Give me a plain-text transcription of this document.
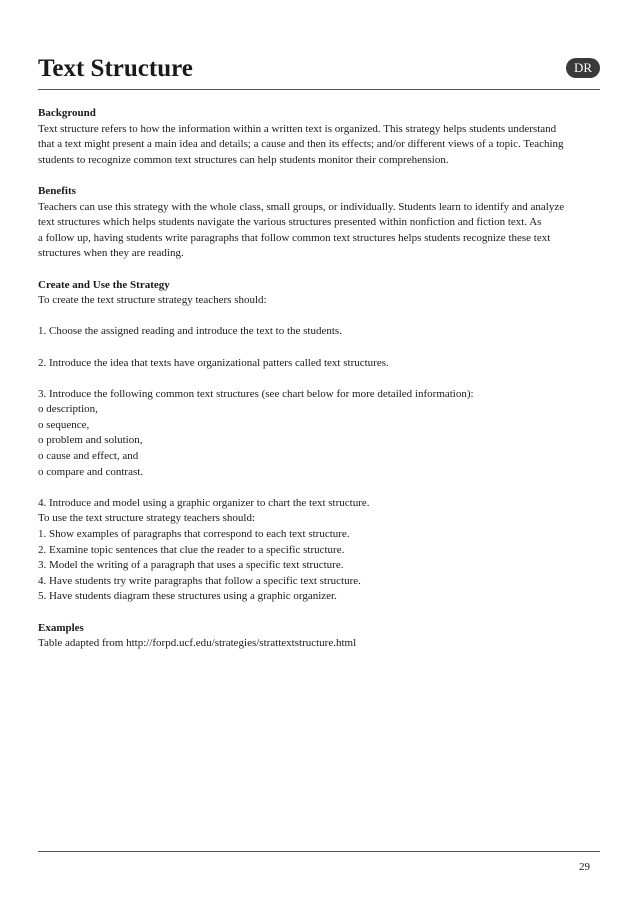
Text Structure	DR

Background

Text structure refers to how the information within a written text is organized. This strategy helps students understand
that a text might present a main idea and details; a cause and then its effects; and/or different views of a topic. Teaching
students to recognize common text structures can help students monitor their comprehension.

Benefits

Teachers can use this strategy with the whole class, small groups, or individually. Students learn to identify and analyze
text structures which helps students navigate the various structures presented within nonfiction and fiction text. As
a follow up, having students write paragraphs that follow common text structures helps students recognize these text
structures when they are reading.

Create and Use the Strategy

To create the text structure strategy teachers should:
1. Choose the assigned reading and introduce the text to the students.
2. Introduce the idea that texts have organizational patters called text structures.
3. Introduce the following common text structures (see chart below for more detailed information):
o description,
o sequence,
o problem and solution,
o cause and effect, and
o compare and contrast.
4. Introduce and model using a graphic organizer to chart the text structure.
To use the text structure strategy teachers should:
1. Show examples of paragraphs that correspond to each text structure.
2. Examine topic sentences that clue the reader to a specific structure.
3. Model the writing of a paragraph that uses a specific text structure.
4. Have students try write paragraphs that follow a specific text structure.
5. Have students diagram these structures using a graphic organizer.

Examples

Table adapted from http://forpd.ucf.edu/strategies/strattextstructure.html

29
